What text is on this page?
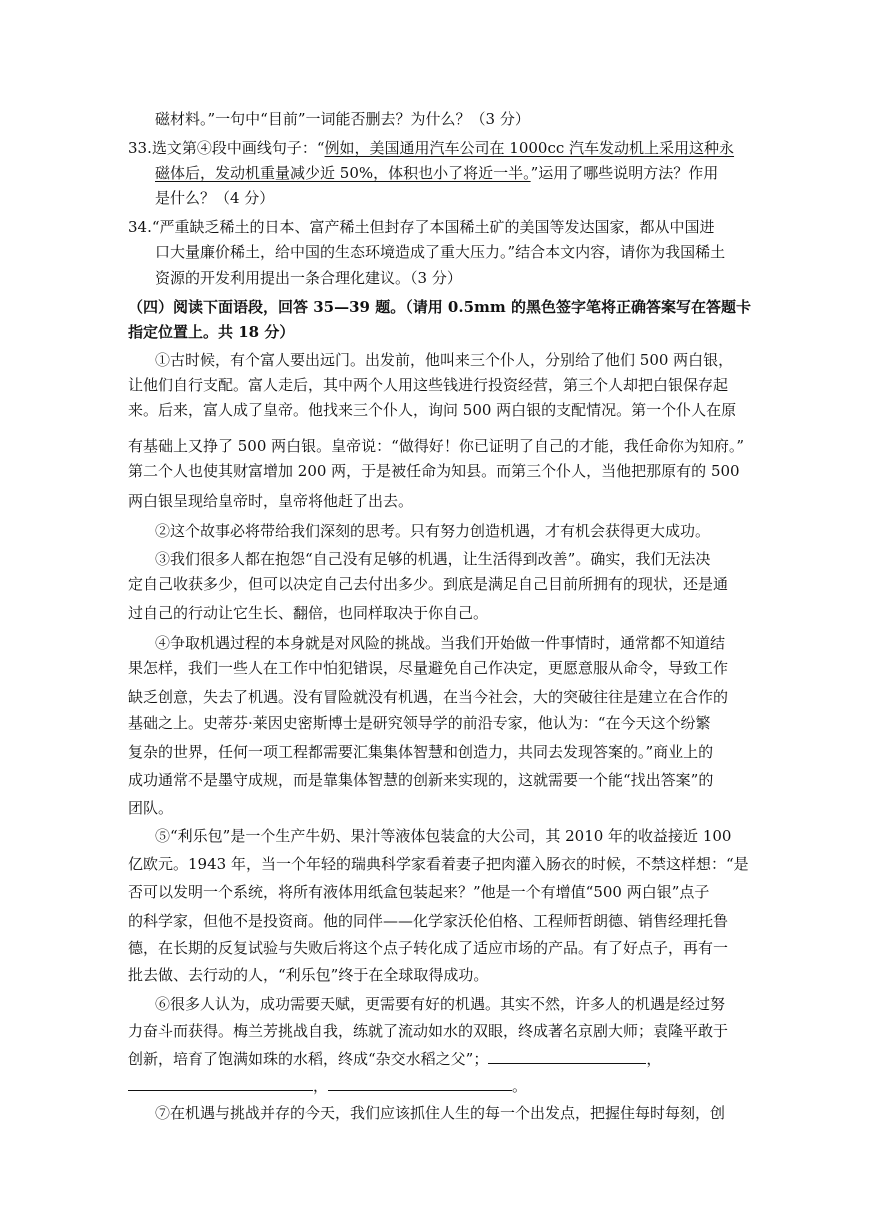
磁材料。”一句中“目前”一词能否删去？为什么？（3 分）
33.选文第④段中画线句子：“例如，美国通用汽车公司在 1000cc 汽车发动机上采用这种永
磁体后，发动机重量减少近 50%，体积也小了将近一半。”运用了哪些说明方法？作用
是什么？（4 分）
34.“严重缺乏稀土的日本、富产稀土但封存了本国稀土矿的美国等发达国家，都从中国进
口大量廉价稀土，给中国的生态环境造成了重大压力。”结合本文内容，请你为我国稀土
资源的开发利用提出一条合理化建议。（3 分）
（四）阅读下面语段，回答 35—39 题。（请用 0.5mm 的黑色签字笔将正确答案写在答题卡
指定位置上。共 18 分）
①古时候，有个富人要出远门。出发前，他叫来三个仆人，分别给了他们 500 两白银，
让他们自行支配。富人走后，其中两个人用这些钱进行投资经营，第三个人却把白银保存起
来。后来，富人成了皇帝。他找来三个仆人，询问 500 两白银的支配情况。第一个仆人在原
有基础上又挣了 500 两白银。皇帝说：“做得好！你已证明了自己的才能，我任命你为知府。”
第二个人也使其财富增加 200 两，于是被任命为知县。而第三个仆人，当他把那原有的 500
两白银呈现给皇帝时，皇帝将他赶了出去。
②这个故事必将带给我们深刻的思考。只有努力创造机遇，才有机会获得更大成功。
③我们很多人都在抱怨“自己没有足够的机遇，让生活得到改善”。确实，我们无法决
定自己收获多少，但可以决定自己去付出多少。到底是满足自己目前所拥有的现状，还是通
过自己的行动让它生长、翻倍，也同样取决于你自己。
④争取机遇过程的本身就是对风险的挑战。当我们开始做一件事情时，通常都不知道结
果怎样，我们一些人在工作中怕犯错误，尽量避免自己作决定，更愿意服从命令，导致工作
缺乏创意，失去了机遇。没有冒险就没有机遇，在当今社会，大的突破往往是建立在合作的
基础之上。史蒂芬·莱因史密斯博士是研究领导学的前沿专家，他认为：“在今天这个纷繁
复杂的世界，任何一项工程都需要汇集集体智慧和创造力，共同去发现答案的。”商业上的
成功通常不是墨守成规，而是靠集体智慧的创新来实现的，这就需要一个能“找出答案”的
团队。
⑤“利乐包”是一个生产牛奶、果汁等液体包装盒的大公司，其 2010 年的收益接近 100
亿欧元。1943 年，当一个年轻的瑞典科学家看着妻子把肉灌入肠衣的时候，不禁这样想：“是
否可以发明一个系统，将所有液体用纸盒包装起来？”他是一个有增值“500 两白银”点子
的科学家，但他不是投资商。他的同伴——化学家沃伦伯格、工程师哲朗德、销售经理托鲁
德，在长期的反复试验与失败后将这个点子转化成了适应市场的产品。有了好点子，再有一
批去做、去行动的人，“利乐包”终于在全球取得成功。
⑥很多人认为，成功需要天赋，更需要有好的机遇。其实不然，许多人的机遇是经过努
力奋斗而获得。梅兰芳挑战自我，练就了流动如水的双眼，终成著名京剧大师；袁隆平敢于
创新，培育了饱满如珠的水稻，终成“杂交水稻之父”；	，
，	。
⑦在机遇与挑战并存的今天，我们应该抓住人生的每一个出发点，把握住每时每刻，创
